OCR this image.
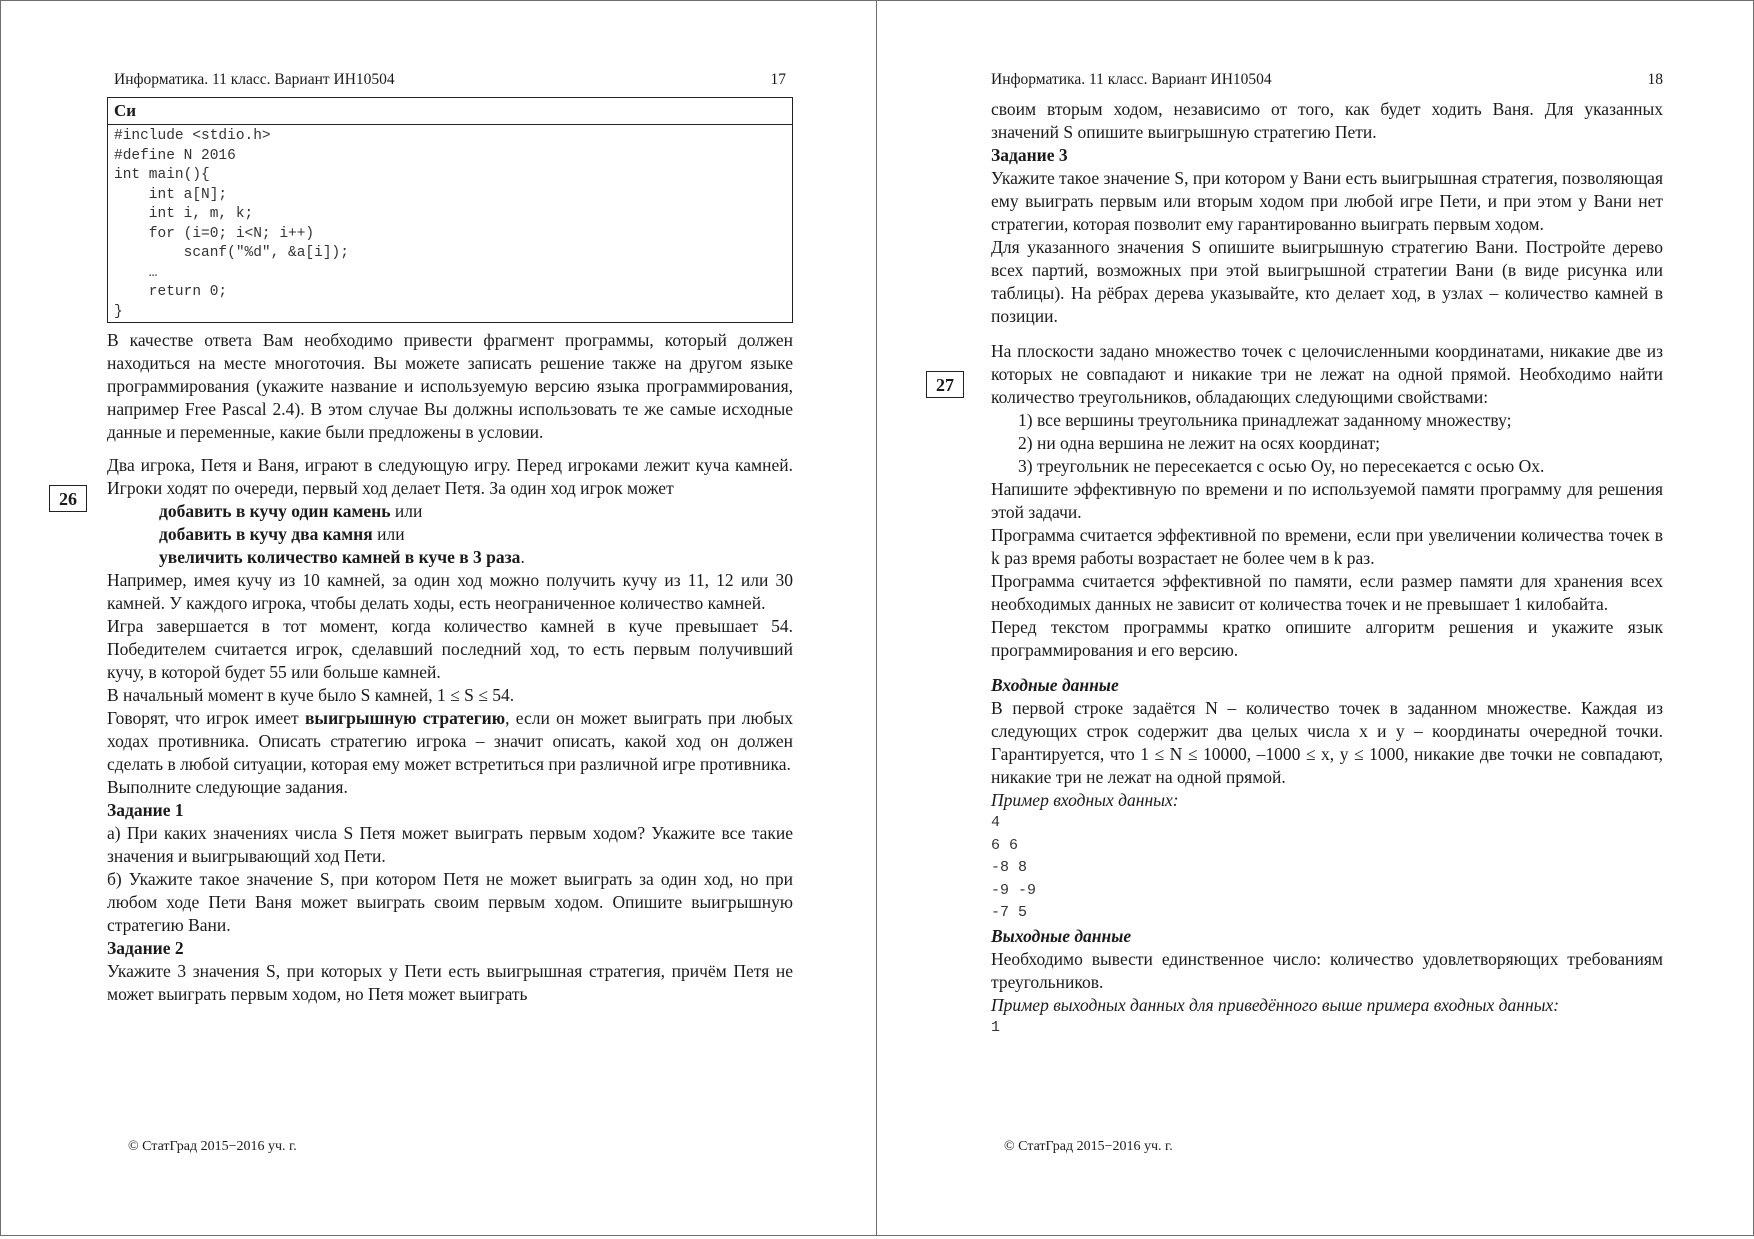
Информатика. 11 класс. Вариант ИН10504	17
Си
#include <stdio.h>
#define N 2016
int main(){
int a[N];
int i, m, k;
for (i=0; i<N; i++)
scanf("%d", &a[i]);
…
return 0;
}

В качестве ответа Вам необходимо привести фрагмент программы, который должен находиться на месте многоточия. Вы можете записать решение также на другом языке программирования (укажите название и используемую версию языка программирования, например Free Pascal 2.4). В этом случае Вы должны использовать те же самые исходные данные и переменные, какие были предложены в условии.

Два игрока, Петя и Ваня, играют в следующую игру. Перед игроками лежит куча камней. Игроки ходят по очереди, первый ход делает Петя. За один ход игрок может

добавить в кучу один камень или

добавить в кучу два камня или

увеличить количество камней в куче в 3 раза.

Например, имея кучу из 10 камней, за один ход можно получить кучу из 11, 12 или 30 камней. У каждого игрока, чтобы делать ходы, есть неограниченное количество камней.

Игра завершается в тот момент, когда количество камней в куче превышает 54. Победителем считается игрок, сделавший последний ход, то есть первым получивший кучу, в которой будет 55 или больше камней.

В начальный момент в куче было S камней, 1 ≤ S ≤ 54.

Говорят, что игрок имеет выигрышную стратегию, если он может выиграть при любых ходах противника. Описать стратегию игрока – значит описать, какой ход он должен сделать в любой ситуации, которая ему может встретиться при различной игре противника.

Выполните следующие задания.

Задание 1

а) При каких значениях числа S Петя может выиграть первым ходом? Укажите все такие значения и выигрывающий ход Пети.

б) Укажите такое значение S, при котором Петя не может выиграть за один ход, но при любом ходе Пети Ваня может выиграть своим первым ходом. Опишите выигрышную стратегию Вани.

Задание 2

Укажите 3 значения S, при которых у Пети есть выигрышная стратегия, причём Петя не может выиграть первым ходом, но Петя может выиграть

26
© СтатГрад 2015−2016 уч. г.
Информатика. 11 класс. Вариант ИН10504	18

своим вторым ходом, независимо от того, как будет ходить Ваня. Для указанных значений S опишите выигрышную стратегию Пети.

Задание 3

Укажите такое значение S, при котором у Вани есть выигрышная стратегия, позволяющая ему выиграть первым или вторым ходом при любой игре Пети, и при этом у Вани нет стратегии, которая позволит ему гарантированно выиграть первым ходом.

Для указанного значения S опишите выигрышную стратегию Вани. Постройте дерево всех партий, возможных при этой выигрышной стратегии Вани (в виде рисунка или таблицы). На рёбрах дерева указывайте, кто делает ход, в узлах – количество камней в позиции.

На плоскости задано множество точек с целочисленными координатами, никакие две из которых не совпадают и никакие три не лежат на одной прямой. Необходимо найти количество треугольников, обладающих следующими свойствами:

1) все вершины треугольника принадлежат заданному множеству;

2) ни одна вершина не лежит на осях координат;

3) треугольник не пересекается с осью Oy, но пересекается с осью Ox.

Напишите эффективную по времени и по используемой памяти программу для решения этой задачи.

Программа считается эффективной по времени, если при увеличении количества точек в k раз время работы возрастает не более чем в k раз.

Программа считается эффективной по памяти, если размер памяти для хранения всех необходимых данных не зависит от количества точек и не превышает 1 килобайта.

Перед текстом программы кратко опишите алгоритм решения и укажите язык программирования и его версию.

Входные данные

В первой строке задаётся N – количество точек в заданном множестве. Каждая из следующих строк содержит два целых числа x и y – координаты очередной точки. Гарантируется, что 1 ≤ N ≤ 10000, –1000 ≤ x, y ≤ 1000, никакие две точки не совпадают, никакие три не лежат на одной прямой.

Пример входных данных:

4
6 6
-8 8
-9 -9
-7 5

Выходные данные

Необходимо вывести единственное число: количество удовлетворяющих требованиям треугольников.

Пример выходных данных для приведённого выше примера входных данных:

1
27
© СтатГрад 2015−2016 уч. г.
